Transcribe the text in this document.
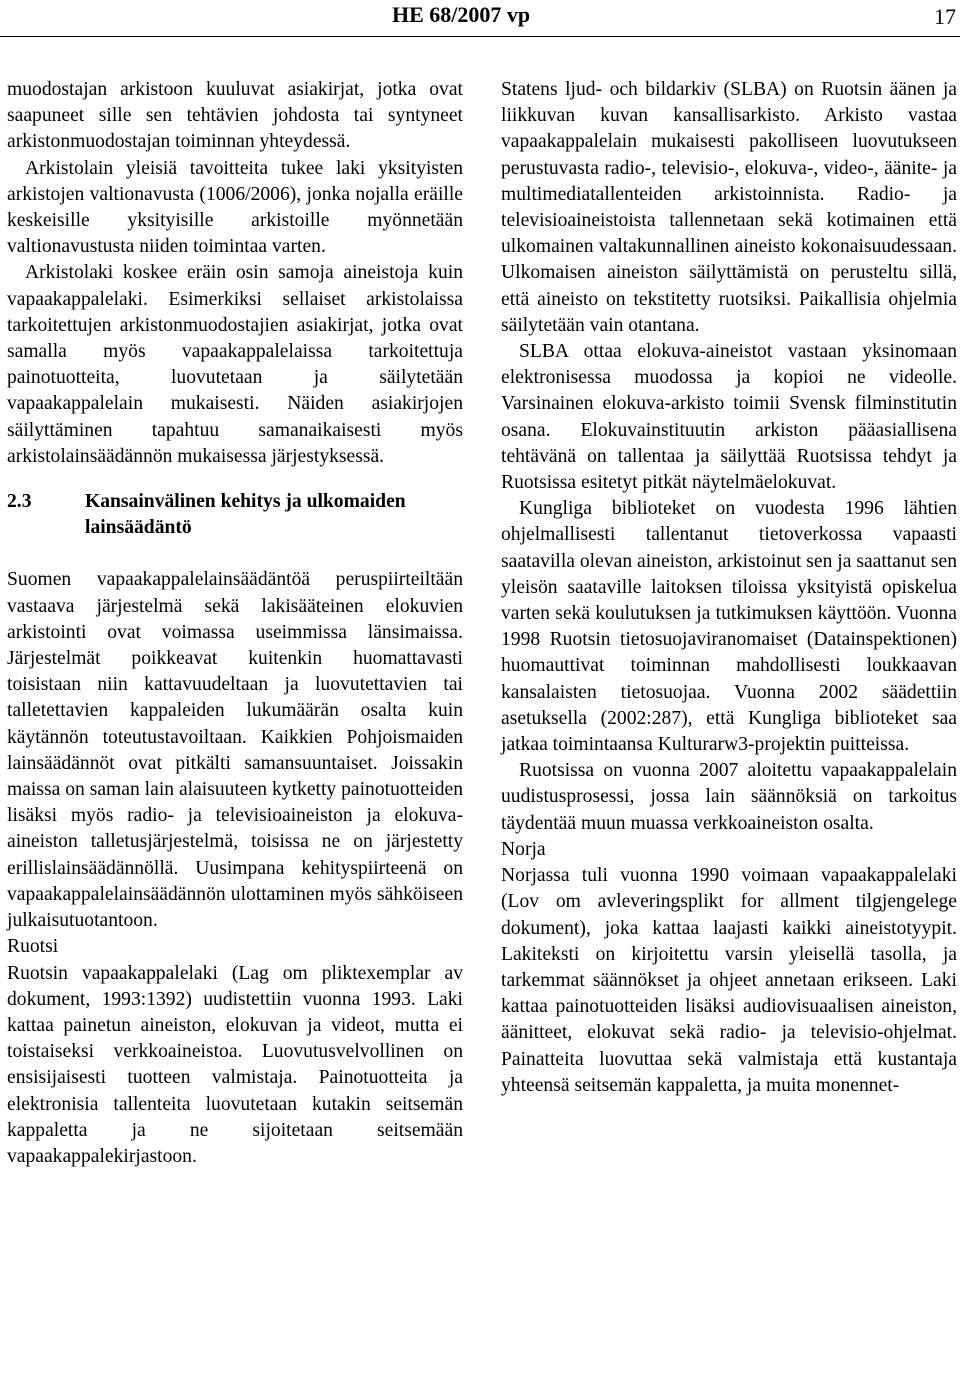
HE 68/2007 vp	17

muodostajan arkistoon kuuluvat asiakirjat, jotka ovat saapuneet sille sen tehtävien johdosta tai syntyneet arkistonmuodostajan toiminnan yhteydessä.

Arkistolain yleisiä tavoitteita tukee laki yksityisten arkistojen valtionavusta (1006/2006), jonka nojalla eräille keskeisille yksityisille arkistoille myönnetään valtionavustusta niiden toimintaa varten.

Arkistolaki koskee eräin osin samoja aineistoja kuin vapaakappalelaki. Esimerkiksi sellaiset arkistolaissa tarkoitettujen arkistonmuodostajien asiakirjat, jotka ovat samalla myös vapaakappalelaissa tarkoitettuja painotuotteita, luovutetaan ja säilytetään vapaakappalelain mukaisesti. Näiden asiakirjojen säilyttäminen tapahtuu samanaikaisesti myös arkistolainsäädännön mukaisessa järjestyksessä.

2.3	Kansainvälinen kehitys ja ulkomaiden lainsäädäntö

Suomen vapaakappalelainsäädäntöä peruspiirteiltään vastaava järjestelmä sekä lakisääteinen elokuvien arkistointi ovat voimassa useimmissa länsimaissa. Järjestelmät poikkeavat kuitenkin huomattavasti toisistaan niin kattavuudeltaan ja luovutettavien tai talletettavien kappaleiden lukumäärän osalta kuin käytännön toteutustavoiltaan. Kaikkien Pohjoismaiden lainsäädännöt ovat pitkälti samansuuntaiset. Joissakin maissa on saman lain alaisuuteen kytketty painotuotteiden lisäksi myös radio- ja televisioaineiston ja elokuva-aineiston talletusjärjestelmä, toisissa ne on järjestetty erillislainsäädännöllä. Uusimpana kehityspiirteenä on vapaakappalelainsäädännön ulottaminen myös sähköiseen julkaisutuotantoon.

Ruotsi

Ruotsin vapaakappalelaki (Lag om pliktexemplar av dokument, 1993:1392) uudistettiin vuonna 1993. Laki kattaa painetun aineiston, elokuvan ja videot, mutta ei toistaiseksi verkkoaineistoa. Luovutusvelvollinen on ensisijaisesti tuotteen valmistaja. Painotuotteita ja elektronisia tallenteita luovutetaan kutakin seitsemän kappaletta ja ne sijoitetaan seitsemään vapaakappalekirjastoon.

Statens ljud- och bildarkiv (SLBA) on Ruotsin äänen ja liikkuvan kuvan kansallisarkisto. Arkisto vastaa vapaakappalelain mukaisesti pakolliseen luovutukseen perustuvasta radio-, televisio-, elokuva-, video-, äänite- ja multimediatallenteiden arkistoinnista. Radio- ja televisioaineistoista tallennetaan sekä kotimainen että ulkomainen valtakunnallinen aineisto kokonaisuudessaan. Ulkomaisen aineiston säilyttämistä on perusteltu sillä, että aineisto on tekstitetty ruotsiksi. Paikallisia ohjelmia säilytetään vain otantana.

SLBA ottaa elokuva-aineistot vastaan yksinomaan elektronisessa muodossa ja kopioi ne videolle. Varsinainen elokuva-arkisto toimii Svensk filminstitutin osana. Elokuvainstituutin arkiston pääasiallisena tehtävänä on tallentaa ja säilyttää Ruotsissa tehdyt ja Ruotsissa esitetyt pitkät näytelmäelokuvat.

Kungliga biblioteket on vuodesta 1996 lähtien ohjelmallisesti tallentanut tietoverkossa vapaasti saatavilla olevan aineiston, arkistoinut sen ja saattanut sen yleisön saataville laitoksen tiloissa yksityistä opiskelua varten sekä koulutuksen ja tutkimuksen käyttöön. Vuonna 1998 Ruotsin tietosuojaviranomaiset (Datainspektionen) huomauttivat toiminnan mahdollisesti loukkaavan kansalaisten tietosuojaa. Vuonna 2002 säädettiin asetuksella (2002:287), että Kungliga biblioteket saa jatkaa toimintaansa Kulturarw3-projektin puitteissa.

Ruotsissa on vuonna 2007 aloitettu vapaakappalelain uudistusprosessi, jossa lain säännöksiä on tarkoitus täydentää muun muassa verkkoaineiston osalta.

Norja

Norjassa tuli vuonna 1990 voimaan vapaakappalelaki (Lov om avleveringsplikt for allment tilgjengelege dokument), joka kattaa laajasti kaikki aineistotyypit. Lakiteksti on kirjoitettu varsin yleisellä tasolla, ja tarkemmat säännökset ja ohjeet annetaan erikseen. Laki kattaa painotuotteiden lisäksi audiovisuaalisen aineiston, äänitteet, elokuvat sekä radio- ja televisio-ohjelmat. Painatteita luovuttaa sekä valmistaja että kustantaja yhteensä seitsemän kappaletta, ja muita monennet-
